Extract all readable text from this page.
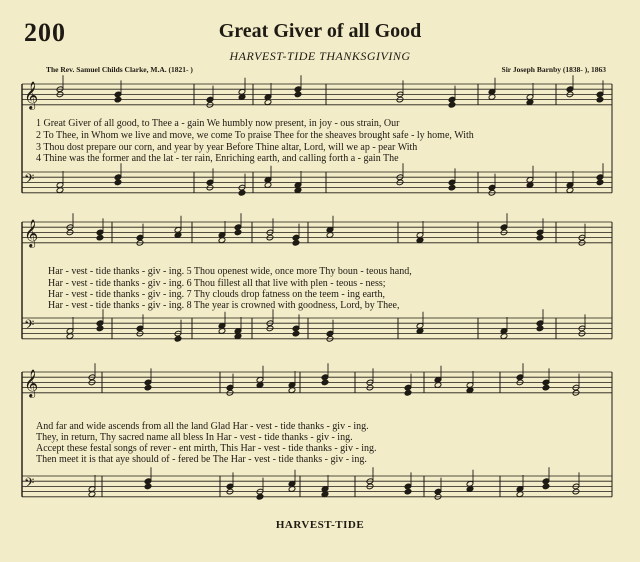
200	Great Giver of all Good
HARVEST-TIDE THANKSGIVING
The Rev. Samuel Childs Clarke, M.A. (1821- )	Sir Joseph Barnby (1838- ), 1863
𝄞
𝄢
𝄞
𝄢
𝄞
𝄢
1 Great Giver of all good, to Thee a - gain We humbly now present, in joy - ous strain, Our
2 To Thee, in Whom we live and move, we come To praise Thee for the sheaves brought safe - ly home, With
3 Thou dost prepare our corn, and year by year Before Thine altar, Lord, will we ap - pear With
4 Thine was the former and the lat - ter rain, Enriching earth, and calling forth a - gain The
Har - vest - tide thanks - giv - ing. 5 Thou openest wide, once more Thy boun - teous hand,
Har - vest - tide thanks - giv - ing. 6 Thou fillest all that live with plen - teous - ness;
Har - vest - tide thanks - giv - ing. 7 Thy clouds drop fatness on the teem - ing earth,
Har - vest - tide thanks - giv - ing. 8 The year is crowned with goodness, Lord, by Thee,
And far and wide ascends from all the land Glad Har - vest - tide thanks - giv - ing.
They, in return, Thy sacred name all bless In Har - vest - tide thanks - giv - ing.
Accept these festal songs of rever - ent mirth, This Har - vest - tide thanks - giv - ing.
Then meet it is that aye should of - fered be The Har - vest - tide thanks - giv - ing.
HARVEST-TIDE
